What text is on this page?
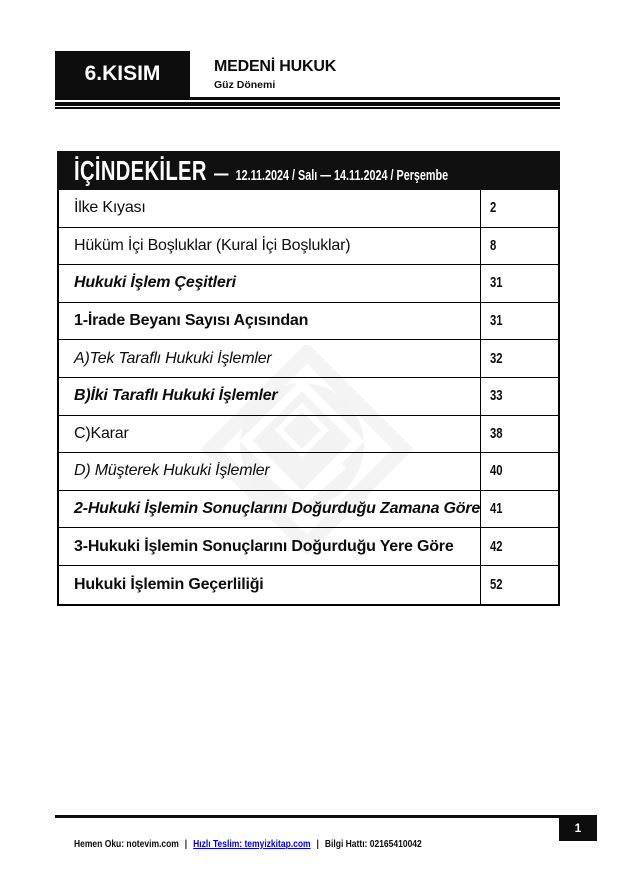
6.KISIM	MEDENİ HUKUK
Güz Dönemi
İÇİNDEKİLER — 12.11.2024 / Salı — 14.11.2024 / Perşembe
İlke Kıyası	2
Hüküm İçi Boşluklar (Kural İçi Boşluklar)	8
Hukuki İşlem Çeşitleri	31
1-İrade Beyanı Sayısı Açısından	31
A)Tek Taraflı Hukuki İşlemler	32
B)İki Taraflı Hukuki İşlemler	33
C)Karar	38
D) Müşterek Hukuki İşlemler	40
2-Hukuki İşlemin Sonuçlarını Doğurduğu Zamana Göre	41
3-Hukuki İşlemin Sonuçlarını Doğurduğu Yere Göre	42
Hukuki İşlemin Geçerliliği	52
1
Hemen Oku: notevim.com | Hızlı Teslim: temyizkitap.com | Bilgi Hattı: 02165410042
